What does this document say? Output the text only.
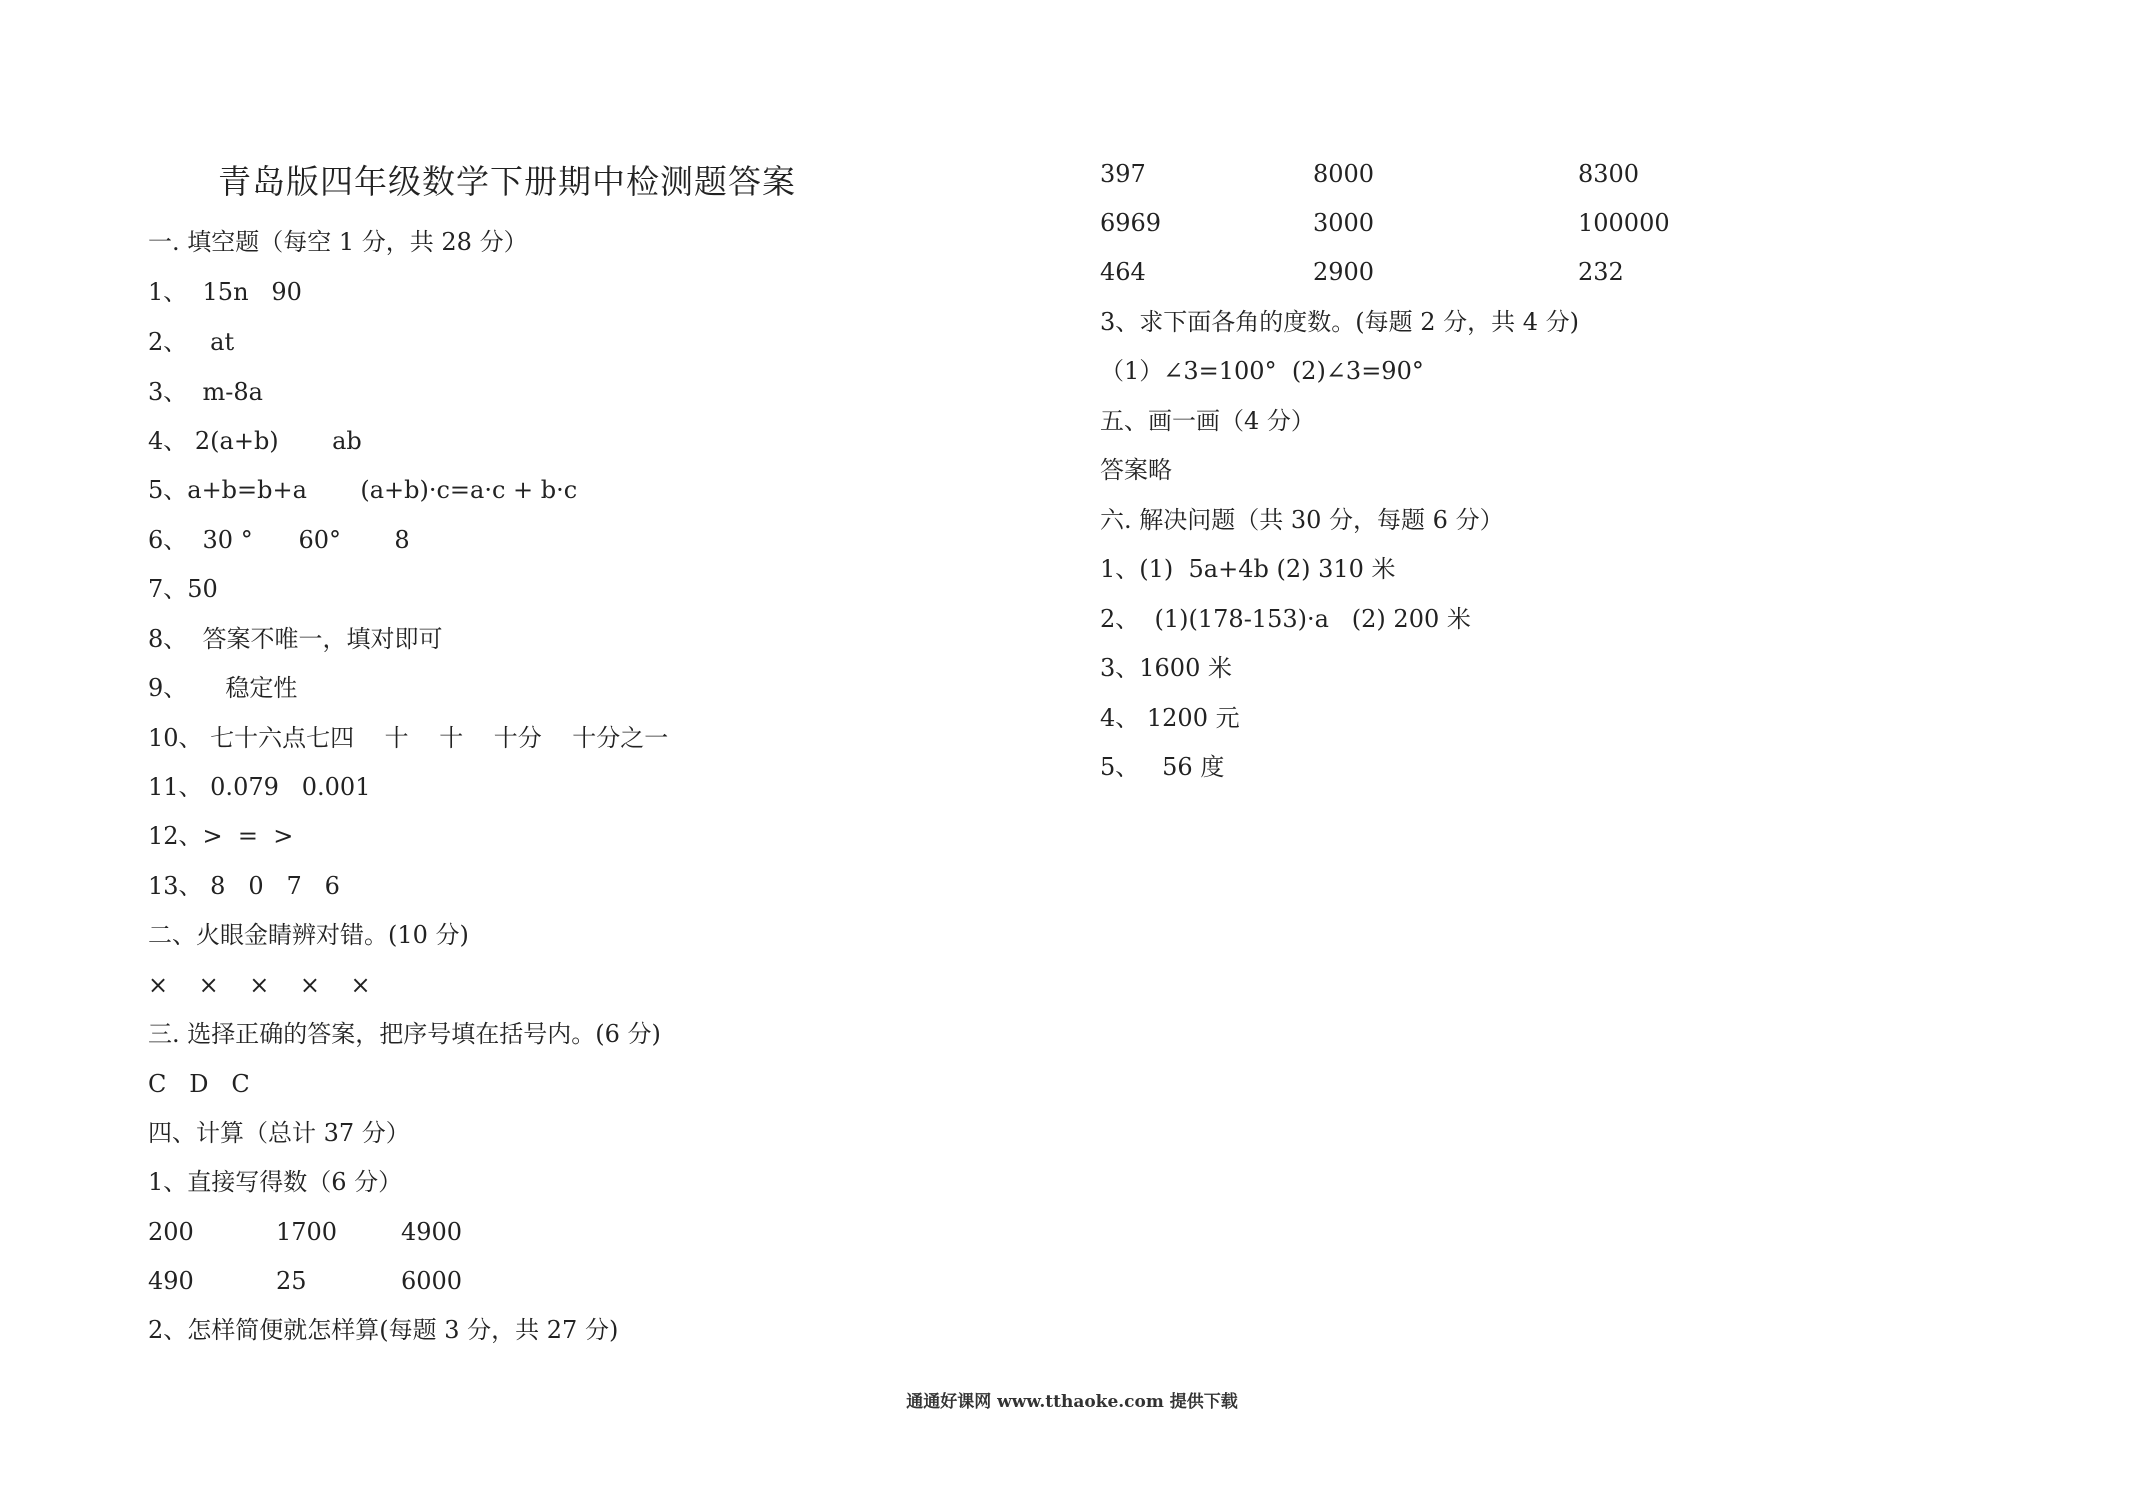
青岛版四年级数学下册期中检测题答案
一. 填空题（每空 1 分，共 28 分）
1、  15n   90
2、   at
3、  m-8a
4、 2(a+b)       ab
5、a+b=b+a       (a+b)·c=a·c + b·c
6、  30 °      60°       8
7、50
8、  答案不唯一，填对即可
9、     稳定性
10、 七十六点七四    十    十    十分    十分之一
11、 0.079   0.001
12、>  =  >
13、 8   0   7   6
二、火眼金睛辨对错。(10 分)
×    ×    ×    ×    ×
三. 选择正确的答案，把序号填在括号内。(6 分)
C   D   C
四、计算（总计 37 分）
1、直接写得数（6 分）
200	1700	4900
490	25	6000
2、怎样简便就怎样算(每题 3 分，共 27 分)
397	8000	8300
6969	3000	100000
464	2900	232
3、求下面各角的度数。(每题 2 分，共 4 分)
（1）∠3=100°  (2)∠3=90°
五、画一画（4 分）
答案略
六. 解决问题（共 30 分，每题 6 分）
1、(1)  5a+4b (2) 310 米
2、  (1)(178-153)·a   (2) 200 米
3、1600 米
4、 1200 元
5、   56 度
通通好课网 www.tthaoke.com 提供下载
